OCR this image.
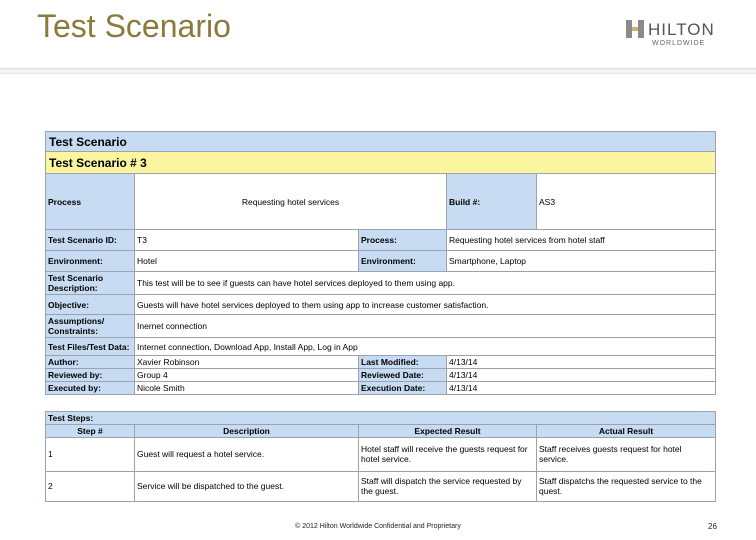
Test Scenario	HILTON
WORLDWIDE
Test Scenario				
Test Scenario # 3				
Process	Requesting hotel services		Build #:	AS3
Test Scenario ID:	T3	Process:	Requesting hotel services from hotel staff	
Environment:	Hotel	Environment:	Smartphone, Laptop	
Test Scenario Description:	This test will be to see if guests can have hotel services deployed to them using app.			
Objective:	Guests will have hotel services deployed to them using app to increase customer satisfaction.			
Assumptions/ Constraints:	Inernet connection			
Test Files/Test Data:	Internet connection, Download App, Install App, Log in App			
Author:	Xavier Robinson	Last Modified:	4/13/14	
Reviewed by:	Group 4	Reviewed Date:	4/13/14	
Executed by:	Nicole Smith	Execution Date:	4/13/14	

Test Steps:			
Step #	Description	Expected Result	Actual Result
1	Guest will request a hotel service.	Hotel staff will receive the guests request for hotel service.	Staff receives guests request for hotel service.
2	Service will be dispatched to the guest.	Staff will dispatch the service requested by the guest.	Staff dispatchs the requested service to the quest.
© 2012 Hilton Worldwide Confidential and Proprietary	26
